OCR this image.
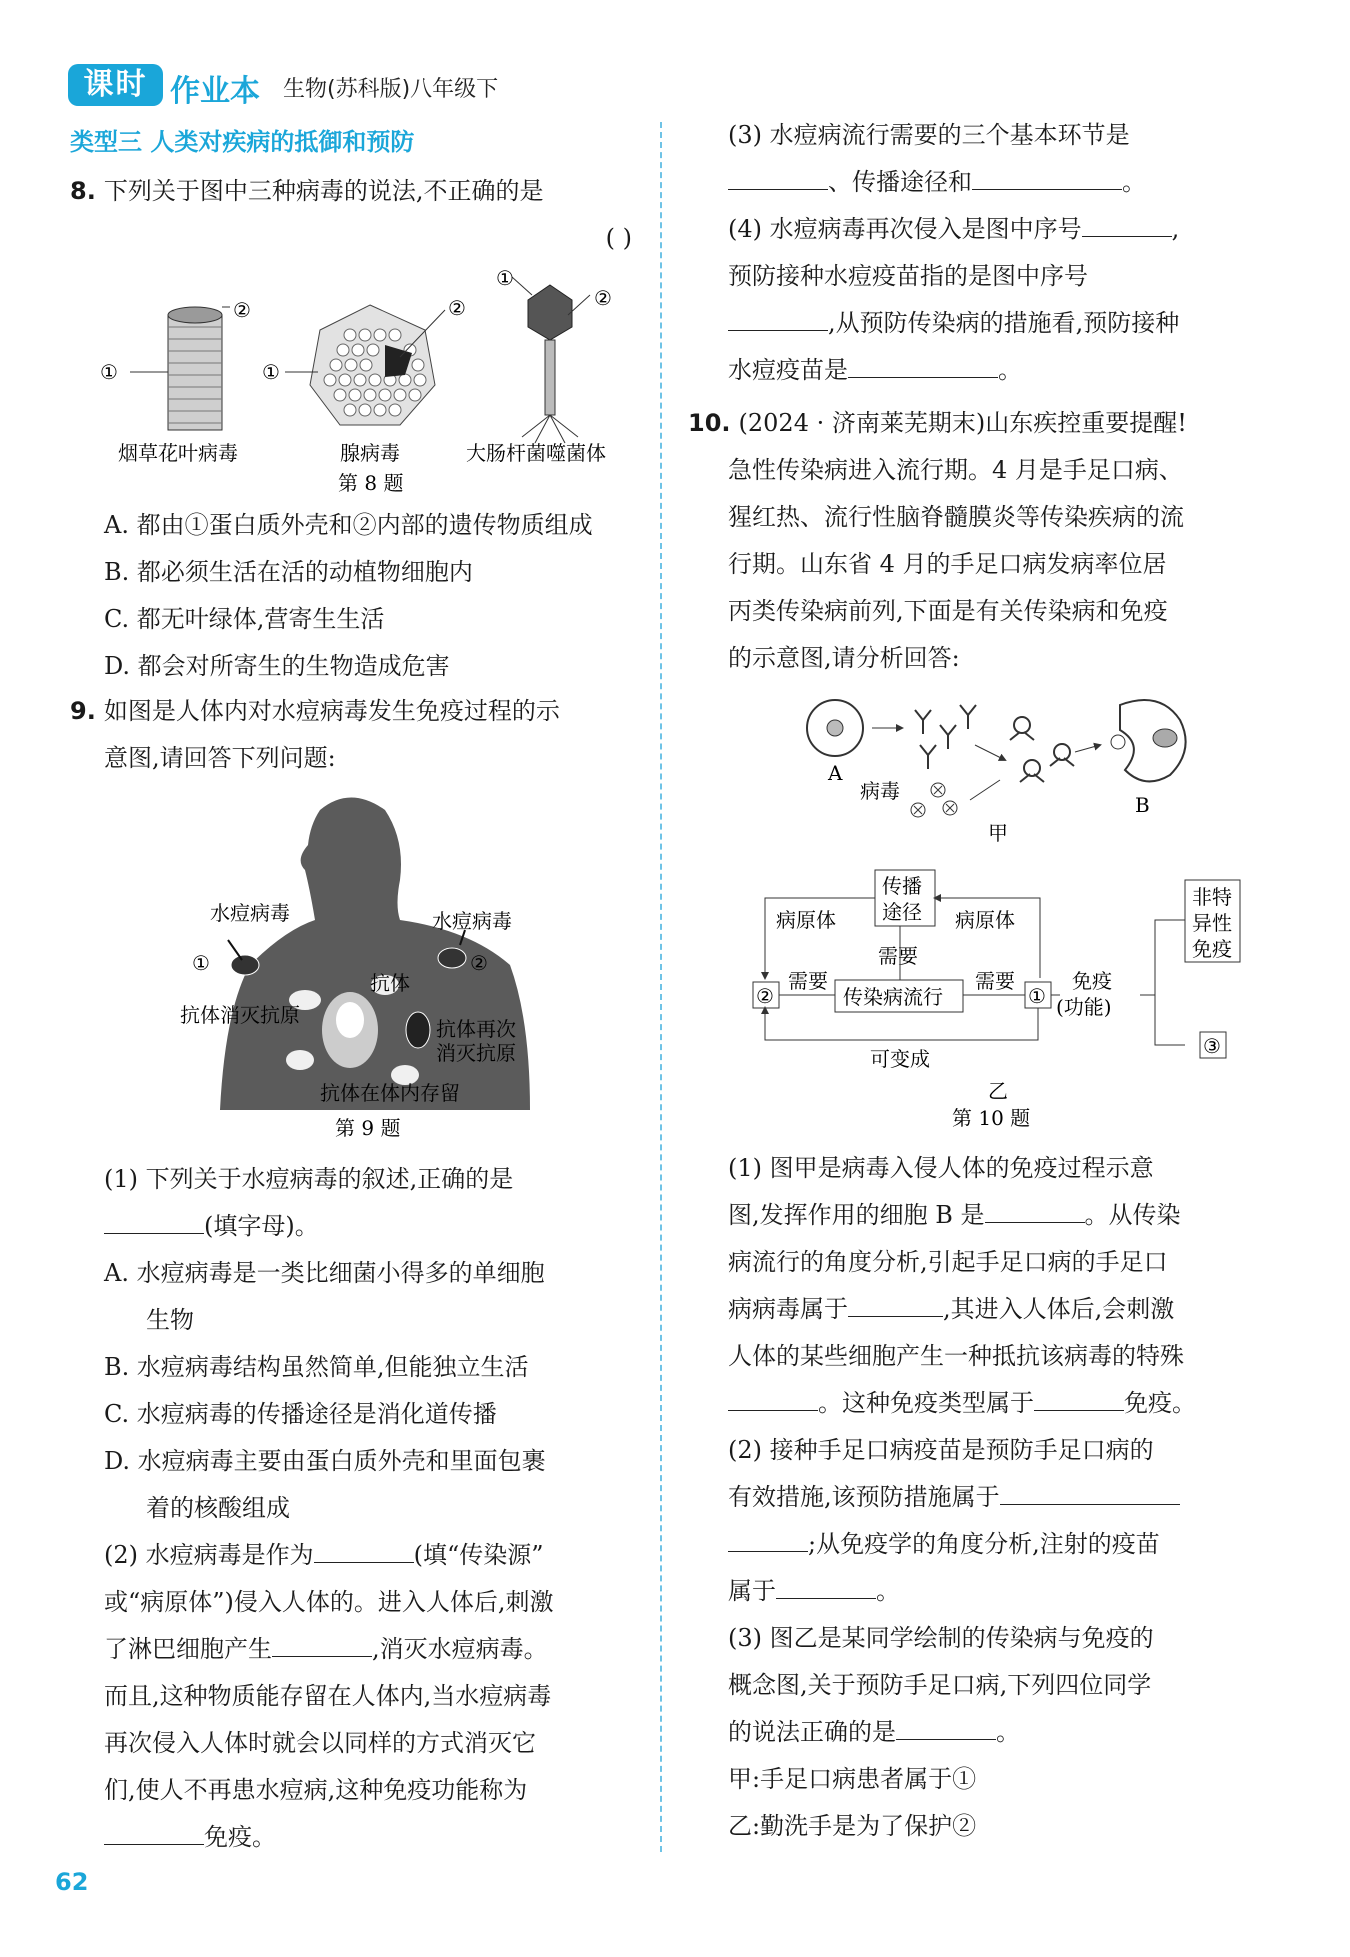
课时 作业本 生物(苏科版)八年级下
类型三 人类对疾病的抵御和预防

8. 下列关于图中三种病毒的说法,不正确的是

( )

②
①
②
①
①
②
烟草花叶病毒	腺病毒	大肠杆菌噬菌体
第 8 题

A. 都由①蛋白质外壳和②内部的遗传物质组成

B. 都必须生活在活的动植物细胞内

C. 都无叶绿体,营寄生生活

D. 都会对所寄生的生物造成危害

9. 如图是人体内对水痘病毒发生免疫过程的示

意图,请回答下列问题:

水痘病毒	水痘病毒
①	②
抗体
抗体消灭抗原
抗体再次
消灭抗原
抗体在体内存留
第 9 题

(1) 下列关于水痘病毒的叙述,正确的是

(填字母)。

A. 水痘病毒是一类比细菌小得多的单细胞

生物

B. 水痘病毒结构虽然简单,但能独立生活

C. 水痘病毒的传播途径是消化道传播

D. 水痘病毒主要由蛋白质外壳和里面包裹

着的核酸组成

(2) 水痘病毒是作为	(填“传染源”

或“病原体”)侵入人体的。进入人体后,刺激

了淋巴细胞产生	,消灭水痘病毒。

而且,这种物质能存留在人体内,当水痘病毒

再次侵入人体时就会以同样的方式消灭它

们,使人不再患水痘病,这种免疫功能称为

免疫。

(3) 水痘病流行需要的三个基本环节是

、传播途径和	。

(4) 水痘病毒再次侵入是图中序号	,

预防接种水痘疫苗指的是图中序号

,从预防传染病的措施看,预防接种

水痘疫苗是	。

10. (2024 · 济南莱芜期末)山东疾控重要提醒!

急性传染病进入流行期。4 月是手足口病、

猩红热、流行性脑脊髓膜炎等传染疾病的流

行期。山东省 4 月的手足口病发病率位居

丙类传染病前列,下面是有关传染病和免疫

的示意图,请分析回答:

A
B
病毒
甲
传播
途径
病原体	病原体
②	传染病流行	①
需要
需要
需要	免疫
(功能)
非特
异性
免疫
③
可变成
乙
第 10 题

(1) 图甲是病毒入侵人体的免疫过程示意

图,发挥作用的细胞 B 是	。从传染

病流行的角度分析,引起手足口病的手足口

病病毒属于	,其进入人体后,会刺激

人体的某些细胞产生一种抵抗该病毒的特殊

。这种免疫类型属于	免疫。

(2) 接种手足口病疫苗是预防手足口病的

有效措施,该预防措施属于

;从免疫学的角度分析,注射的疫苗

属于	。

(3) 图乙是某同学绘制的传染病与免疫的

概念图,关于预防手足口病,下列四位同学

的说法正确的是	。

甲:手足口病患者属于①

乙:勤洗手是为了保护②

62
